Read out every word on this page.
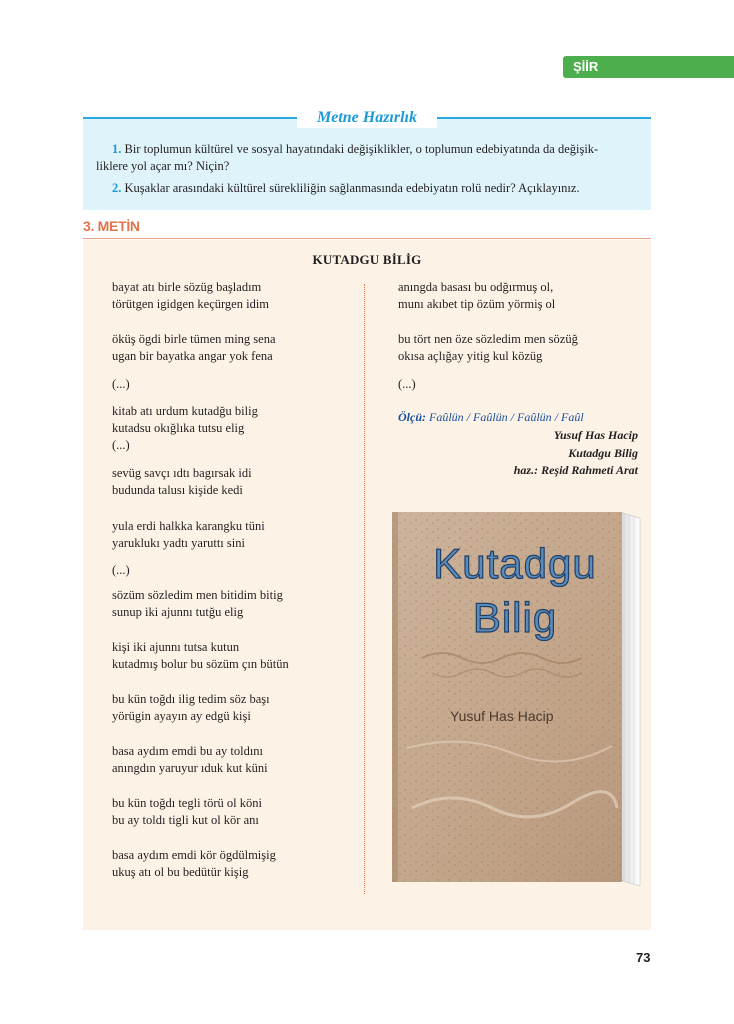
ŞİİR
Metne Hazırlık
1. Bir toplumun kültürel ve sosyal hayatındaki değişiklikler, o toplumun edebiyatında da değişik-
liklere yol açar mı? Niçin?
2. Kuşaklar arasındaki kültürel sürekliliğin sağlanmasında edebiyatın rolü nedir? Açıklayınız.
3. METİN
KUTADGU BİLİG
bayat atı birle sözüg başladım
törütgen igidgen keçürgen idim
öküş ögdi birle tümen ming sena
ugan bir bayatka angar yok fena
(...)
kitab atı urdum kutadğu bilig
kutadsu okığlıka tutsu elig
(...)
sevüg savçı ıdtı bagırsak idi
budunda talusı kişide kedi
yula erdi halkka karangku tüni
yaruklukı yadtı yaruttı sini
(...)
sözüm sözledim men bitidim bitig
sunup iki ajunnı tutğu elig
kişi iki ajunnı tutsa kutun
kutadmış bolur bu sözüm çın bütün
bu kün toğdı ilig tedim söz başı
yörügin ayayın ay edgü kişi
basa aydım emdi bu ay toldını
anıngdın yaruyur ıduk kut küni
bu kün toğdı tegli törü ol köni
bu ay toldı tigli kut ol kör anı
basa aydım emdi kör ögdülmişig
ukuş atı ol bu bedütür kişig
anıngda basası bu odğırmuş ol,
munı akıbet tip özüm yörmiş ol
bu tört nen öze sözledim men sözüğ
okısa açlığay yitig kul közüg
(...)
Ölçü: Faûlün / Faûlün / Faûlün / Faûl
Yusuf Has Hacip
Kutadgu Bilig
haz.: Reşid Rahmeti Arat
Kutadgu
Bilig
Yusuf Has Hacip
73
